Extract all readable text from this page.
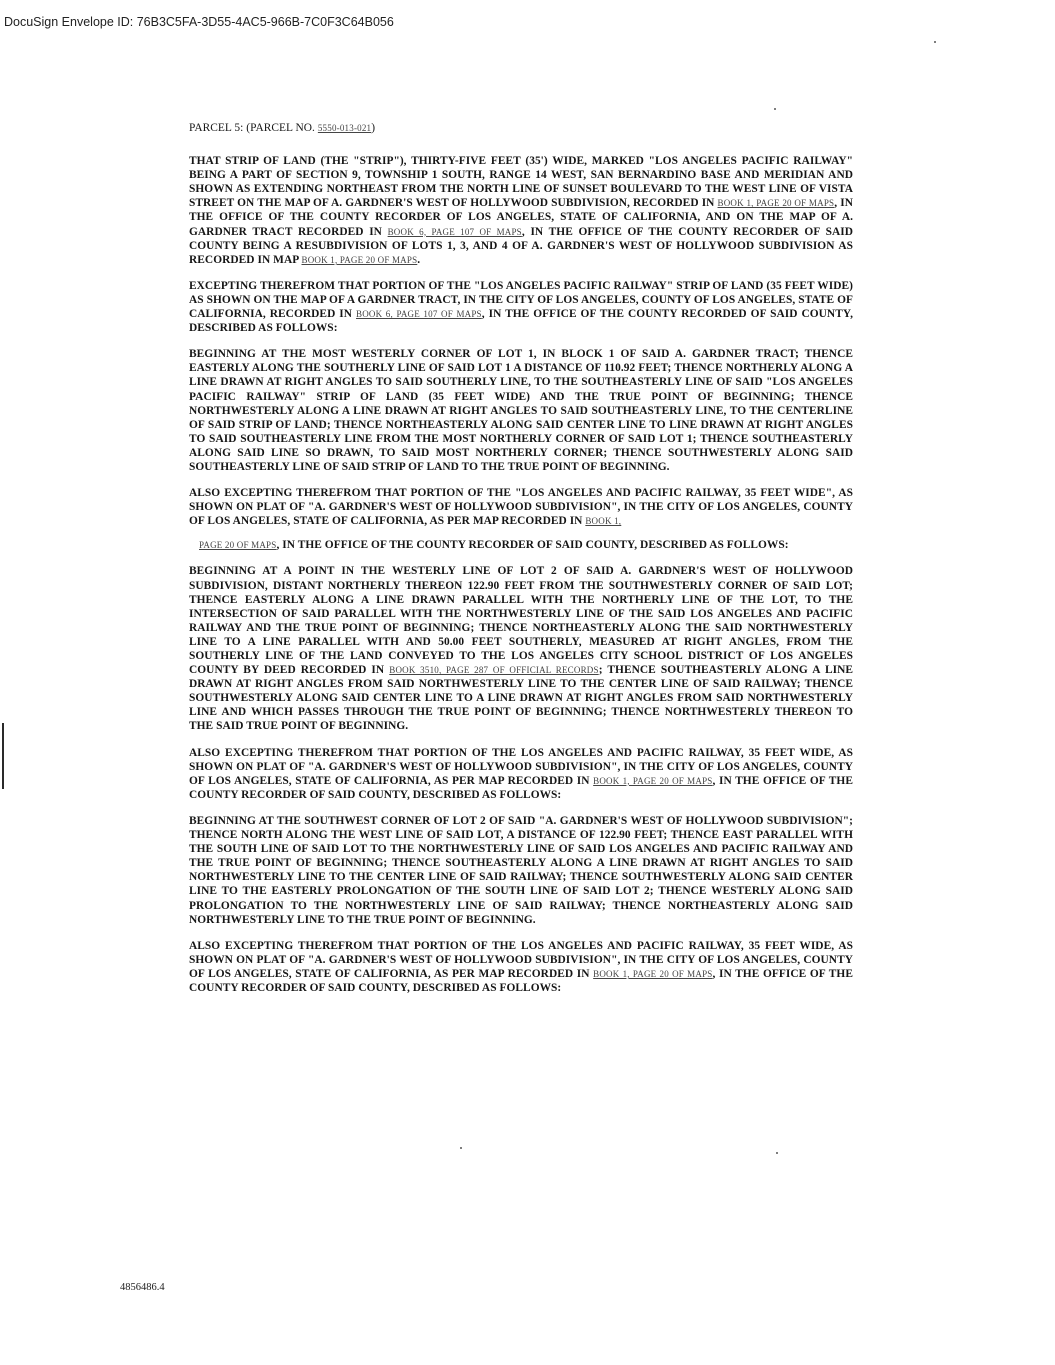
DocuSign Envelope ID: 76B3C5FA-3D55-4AC5-966B-7C0F3C64B056
PARCEL 5: (PARCEL NO. 5550-013-021)
THAT STRIP OF LAND (THE "STRIP"), THIRTY-FIVE FEET (35') WIDE, MARKED "LOS ANGELES PACIFIC RAILWAY" BEING A PART OF SECTION 9, TOWNSHIP 1 SOUTH, RANGE 14 WEST, SAN BERNARDINO BASE AND MERIDIAN AND SHOWN AS EXTENDING NORTHEAST FROM THE NORTH LINE OF SUNSET BOULEVARD TO THE WEST LINE OF VISTA STREET ON THE MAP OF A. GARDNER'S WEST OF HOLLYWOOD SUBDIVISION, RECORDED IN BOOK 1, PAGE 20 OF MAPS, IN THE OFFICE OF THE COUNTY RECORDER OF LOS ANGELES, STATE OF CALIFORNIA, AND ON THE MAP OF A. GARDNER TRACT RECORDED IN BOOK 6, PAGE 107 OF MAPS, IN THE OFFICE OF THE COUNTY RECORDER OF SAID COUNTY BEING A RESUBDIVISION OF LOTS 1, 3, AND 4 OF A. GARDNER'S WEST OF HOLLYWOOD SUBDIVISION AS RECORDED IN MAP BOOK 1, PAGE 20 OF MAPS.
EXCEPTING THEREFROM THAT PORTION OF THE "LOS ANGELES PACIFIC RAILWAY" STRIP OF LAND (35 FEET WIDE) AS SHOWN ON THE MAP OF A GARDNER TRACT, IN THE CITY OF LOS ANGELES, COUNTY OF LOS ANGELES, STATE OF CALIFORNIA, RECORDED IN BOOK 6, PAGE 107 OF MAPS, IN THE OFFICE OF THE COUNTY RECORDED OF SAID COUNTY, DESCRIBED AS FOLLOWS:
BEGINNING AT THE MOST WESTERLY CORNER OF LOT 1, IN BLOCK 1 OF SAID A. GARDNER TRACT; THENCE EASTERLY ALONG THE SOUTHERLY LINE OF SAID LOT 1 A DISTANCE OF 110.92 FEET; THENCE NORTHERLY ALONG A LINE DRAWN AT RIGHT ANGLES TO SAID SOUTHERLY LINE, TO THE SOUTHEASTERLY LINE OF SAID "LOS ANGELES PACIFIC RAILWAY" STRIP OF LAND (35 FEET WIDE) AND THE TRUE POINT OF BEGINNING; THENCE NORTHWESTERLY ALONG A LINE DRAWN AT RIGHT ANGLES TO SAID SOUTHEASTERLY LINE, TO THE CENTERLINE OF SAID STRIP OF LAND; THENCE NORTHEASTERLY ALONG SAID CENTER LINE TO LINE DRAWN AT RIGHT ANGLES TO SAID SOUTHEASTERLY LINE FROM THE MOST NORTHERLY CORNER OF SAID LOT 1; THENCE SOUTHEASTERLY ALONG SAID LINE SO DRAWN, TO SAID MOST NORTHERLY CORNER; THENCE SOUTHWESTERLY ALONG SAID SOUTHEASTERLY LINE OF SAID STRIP OF LAND TO THE TRUE POINT OF BEGINNING.
ALSO EXCEPTING THEREFROM THAT PORTION OF THE "LOS ANGELES AND PACIFIC RAILWAY, 35 FEET WIDE", AS SHOWN ON PLAT OF "A. GARDNER'S WEST OF HOLLYWOOD SUBDIVISION", IN THE CITY OF LOS ANGELES, COUNTY OF LOS ANGELES, STATE OF CALIFORNIA, AS PER MAP RECORDED IN BOOK 1,
PAGE 20 OF MAPS, IN THE OFFICE OF THE COUNTY RECORDER OF SAID COUNTY, DESCRIBED AS FOLLOWS:
BEGINNING AT A POINT IN THE WESTERLY LINE OF LOT 2 OF SAID A. GARDNER'S WEST OF HOLLYWOOD SUBDIVISION, DISTANT NORTHERLY THEREON 122.90 FEET FROM THE SOUTHWESTERLY CORNER OF SAID LOT; THENCE EASTERLY ALONG A LINE DRAWN PARALLEL WITH THE NORTHERLY LINE OF THE LOT, TO THE INTERSECTION OF SAID PARALLEL WITH THE NORTHWESTERLY LINE OF THE SAID LOS ANGELES AND PACIFIC RAILWAY AND THE TRUE POINT OF BEGINNING; THENCE NORTHEASTERLY ALONG THE SAID NORTHWESTERLY LINE TO A LINE PARALLEL WITH AND 50.00 FEET SOUTHERLY, MEASURED AT RIGHT ANGLES, FROM THE SOUTHERLY LINE OF THE LAND CONVEYED TO THE LOS ANGELES CITY SCHOOL DISTRICT OF LOS ANGELES COUNTY BY DEED RECORDED IN BOOK 3510, PAGE 287 OF OFFICIAL RECORDS; THENCE SOUTHEASTERLY ALONG A LINE DRAWN AT RIGHT ANGLES FROM SAID NORTHWESTERLY LINE TO THE CENTER LINE OF SAID RAILWAY; THENCE SOUTHWESTERLY ALONG SAID CENTER LINE TO A LINE DRAWN AT RIGHT ANGLES FROM SAID NORTHWESTERLY LINE AND WHICH PASSES THROUGH THE TRUE POINT OF BEGINNING; THENCE NORTHWESTERLY THEREON TO THE SAID TRUE POINT OF BEGINNING.
ALSO EXCEPTING THEREFROM THAT PORTION OF THE LOS ANGELES AND PACIFIC RAILWAY, 35 FEET WIDE, AS SHOWN ON PLAT OF "A. GARDNER'S WEST OF HOLLYWOOD SUBDIVISION", IN THE CITY OF LOS ANGELES, COUNTY OF LOS ANGELES, STATE OF CALIFORNIA, AS PER MAP RECORDED IN BOOK 1, PAGE 20 OF MAPS, IN THE OFFICE OF THE COUNTY RECORDER OF SAID COUNTY, DESCRIBED AS FOLLOWS:
BEGINNING AT THE SOUTHWEST CORNER OF LOT 2 OF SAID "A. GARDNER'S WEST OF HOLLYWOOD SUBDIVISION"; THENCE NORTH ALONG THE WEST LINE OF SAID LOT, A DISTANCE OF 122.90 FEET; THENCE EAST PARALLEL WITH THE SOUTH LINE OF SAID LOT TO THE NORTHWESTERLY LINE OF SAID LOS ANGELES AND PACIFIC RAILWAY AND THE TRUE POINT OF BEGINNING; THENCE SOUTHEASTERLY ALONG A LINE DRAWN AT RIGHT ANGLES TO SAID NORTHWESTERLY LINE TO THE CENTER LINE OF SAID RAILWAY; THENCE SOUTHWESTERLY ALONG SAID CENTER LINE TO THE EASTERLY PROLONGATION OF THE SOUTH LINE OF SAID LOT 2; THENCE WESTERLY ALONG SAID PROLONGATION TO THE NORTHWESTERLY LINE OF SAID RAILWAY; THENCE NORTHEASTERLY ALONG SAID NORTHWESTERLY LINE TO THE TRUE POINT OF BEGINNING.
ALSO EXCEPTING THEREFROM THAT PORTION OF THE LOS ANGELES AND PACIFIC RAILWAY, 35 FEET WIDE, AS SHOWN ON PLAT OF "A. GARDNER'S WEST OF HOLLYWOOD SUBDIVISION", IN THE CITY OF LOS ANGELES, COUNTY OF LOS ANGELES, STATE OF CALIFORNIA, AS PER MAP RECORDED IN BOOK 1, PAGE 20 OF MAPS, IN THE OFFICE OF THE COUNTY RECORDER OF SAID COUNTY, DESCRIBED AS FOLLOWS:
4856486.4
